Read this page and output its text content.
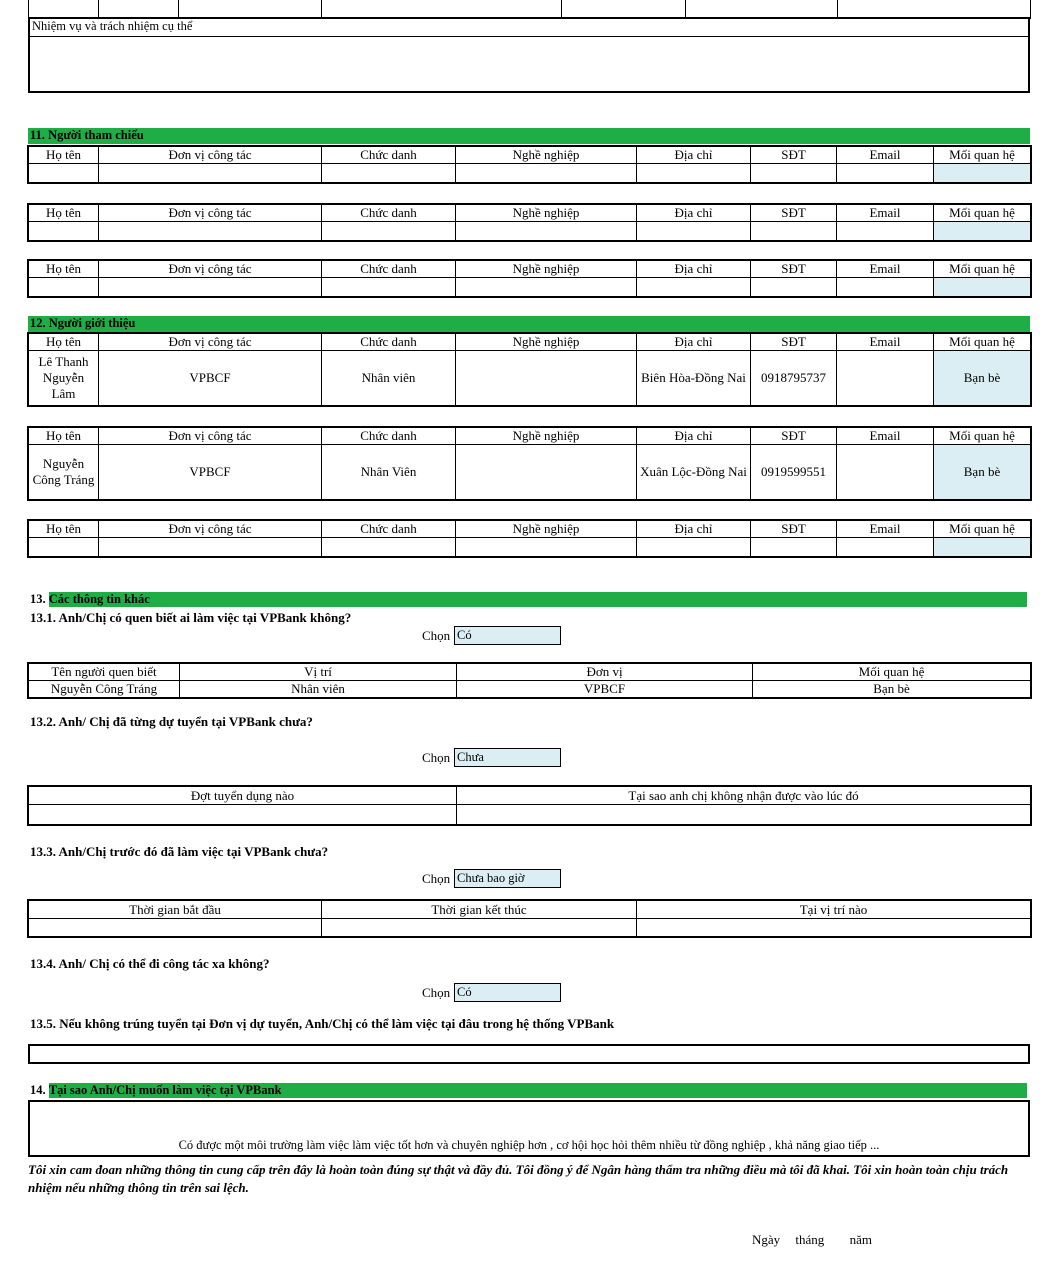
Nhiệm vụ và trách nhiệm cụ thể
11. Người tham chiếu
Họ tên	Đơn vị công tác	Chức danh	Nghề nghiệp	Địa chỉ	SĐT	Email	Mối quan hệ

Họ tên	Đơn vị công tác	Chức danh	Nghề nghiệp	Địa chỉ	SĐT	Email	Mối quan hệ

Họ tên	Đơn vị công tác	Chức danh	Nghề nghiệp	Địa chỉ	SĐT	Email	Mối quan hệ

12. Người giới thiệu
Họ tên	Đơn vị công tác	Chức danh	Nghề nghiệp	Địa chỉ	SĐT	Email	Mối quan hệ
Lê Thanh Nguyễn Lâm	VPBCF	Nhân viên		Biên Hòa-Đồng Nai	0918795737		Bạn bè
Họ tên	Đơn vị công tác	Chức danh	Nghề nghiệp	Địa chỉ	SĐT	Email	Mối quan hệ
Nguyễn Công Tráng	VPBCF	Nhân Viên		Xuân Lộc-Đồng Nai	0919599551		Bạn bè
Họ tên	Đơn vị công tác	Chức danh	Nghề nghiệp	Địa chỉ	SĐT	Email	Mối quan hệ

13. Các thông tin khác
13.1. Anh/Chị có quen biết ai làm việc tại VPBank không?
Chọn Có
Tên người quen biết	Vị trí	Đơn vị	Mối quan hệ
Nguyễn Công Tráng	Nhân viên	VPBCF	Bạn bè
13.2. Anh/ Chị đã từng dự tuyển tại VPBank chưa?
Chọn Chưa
Đợt tuyển dụng nào	Tại sao anh chị không nhận được vào lúc đó

13.3. Anh/Chị trước đó đã làm việc tại VPBank chưa?
Chọn Chưa bao giờ
Thời gian bắt đầu	Thời gian kết thúc	Tại vị trí nào

13.4. Anh/ Chị có thể đi công tác xa không?
Chọn Có
13.5. Nếu không trúng tuyển tại Đơn vị dự tuyển, Anh/Chị có thể làm việc tại đâu trong hệ thống VPBank
14. Tại sao Anh/Chị muốn làm việc tại VPBank
Có được một môi trường làm việc làm việc tốt hơn và chuyên nghiệp hơn , cơ hội học hỏi thêm nhiều từ đồng nghiệp , khả năng giao tiếp ...
Tôi xin cam đoan những thông tin cung cấp trên đây là hoàn toàn đúng sự thật và đầy đủ. Tôi đồng ý để Ngân hàng thẩm tra những điều mà tôi đã khai. Tôi xin hoàn toàn chịu trách nhiệm nếu những thông tin trên sai lệch.
Ngày tháng năm
